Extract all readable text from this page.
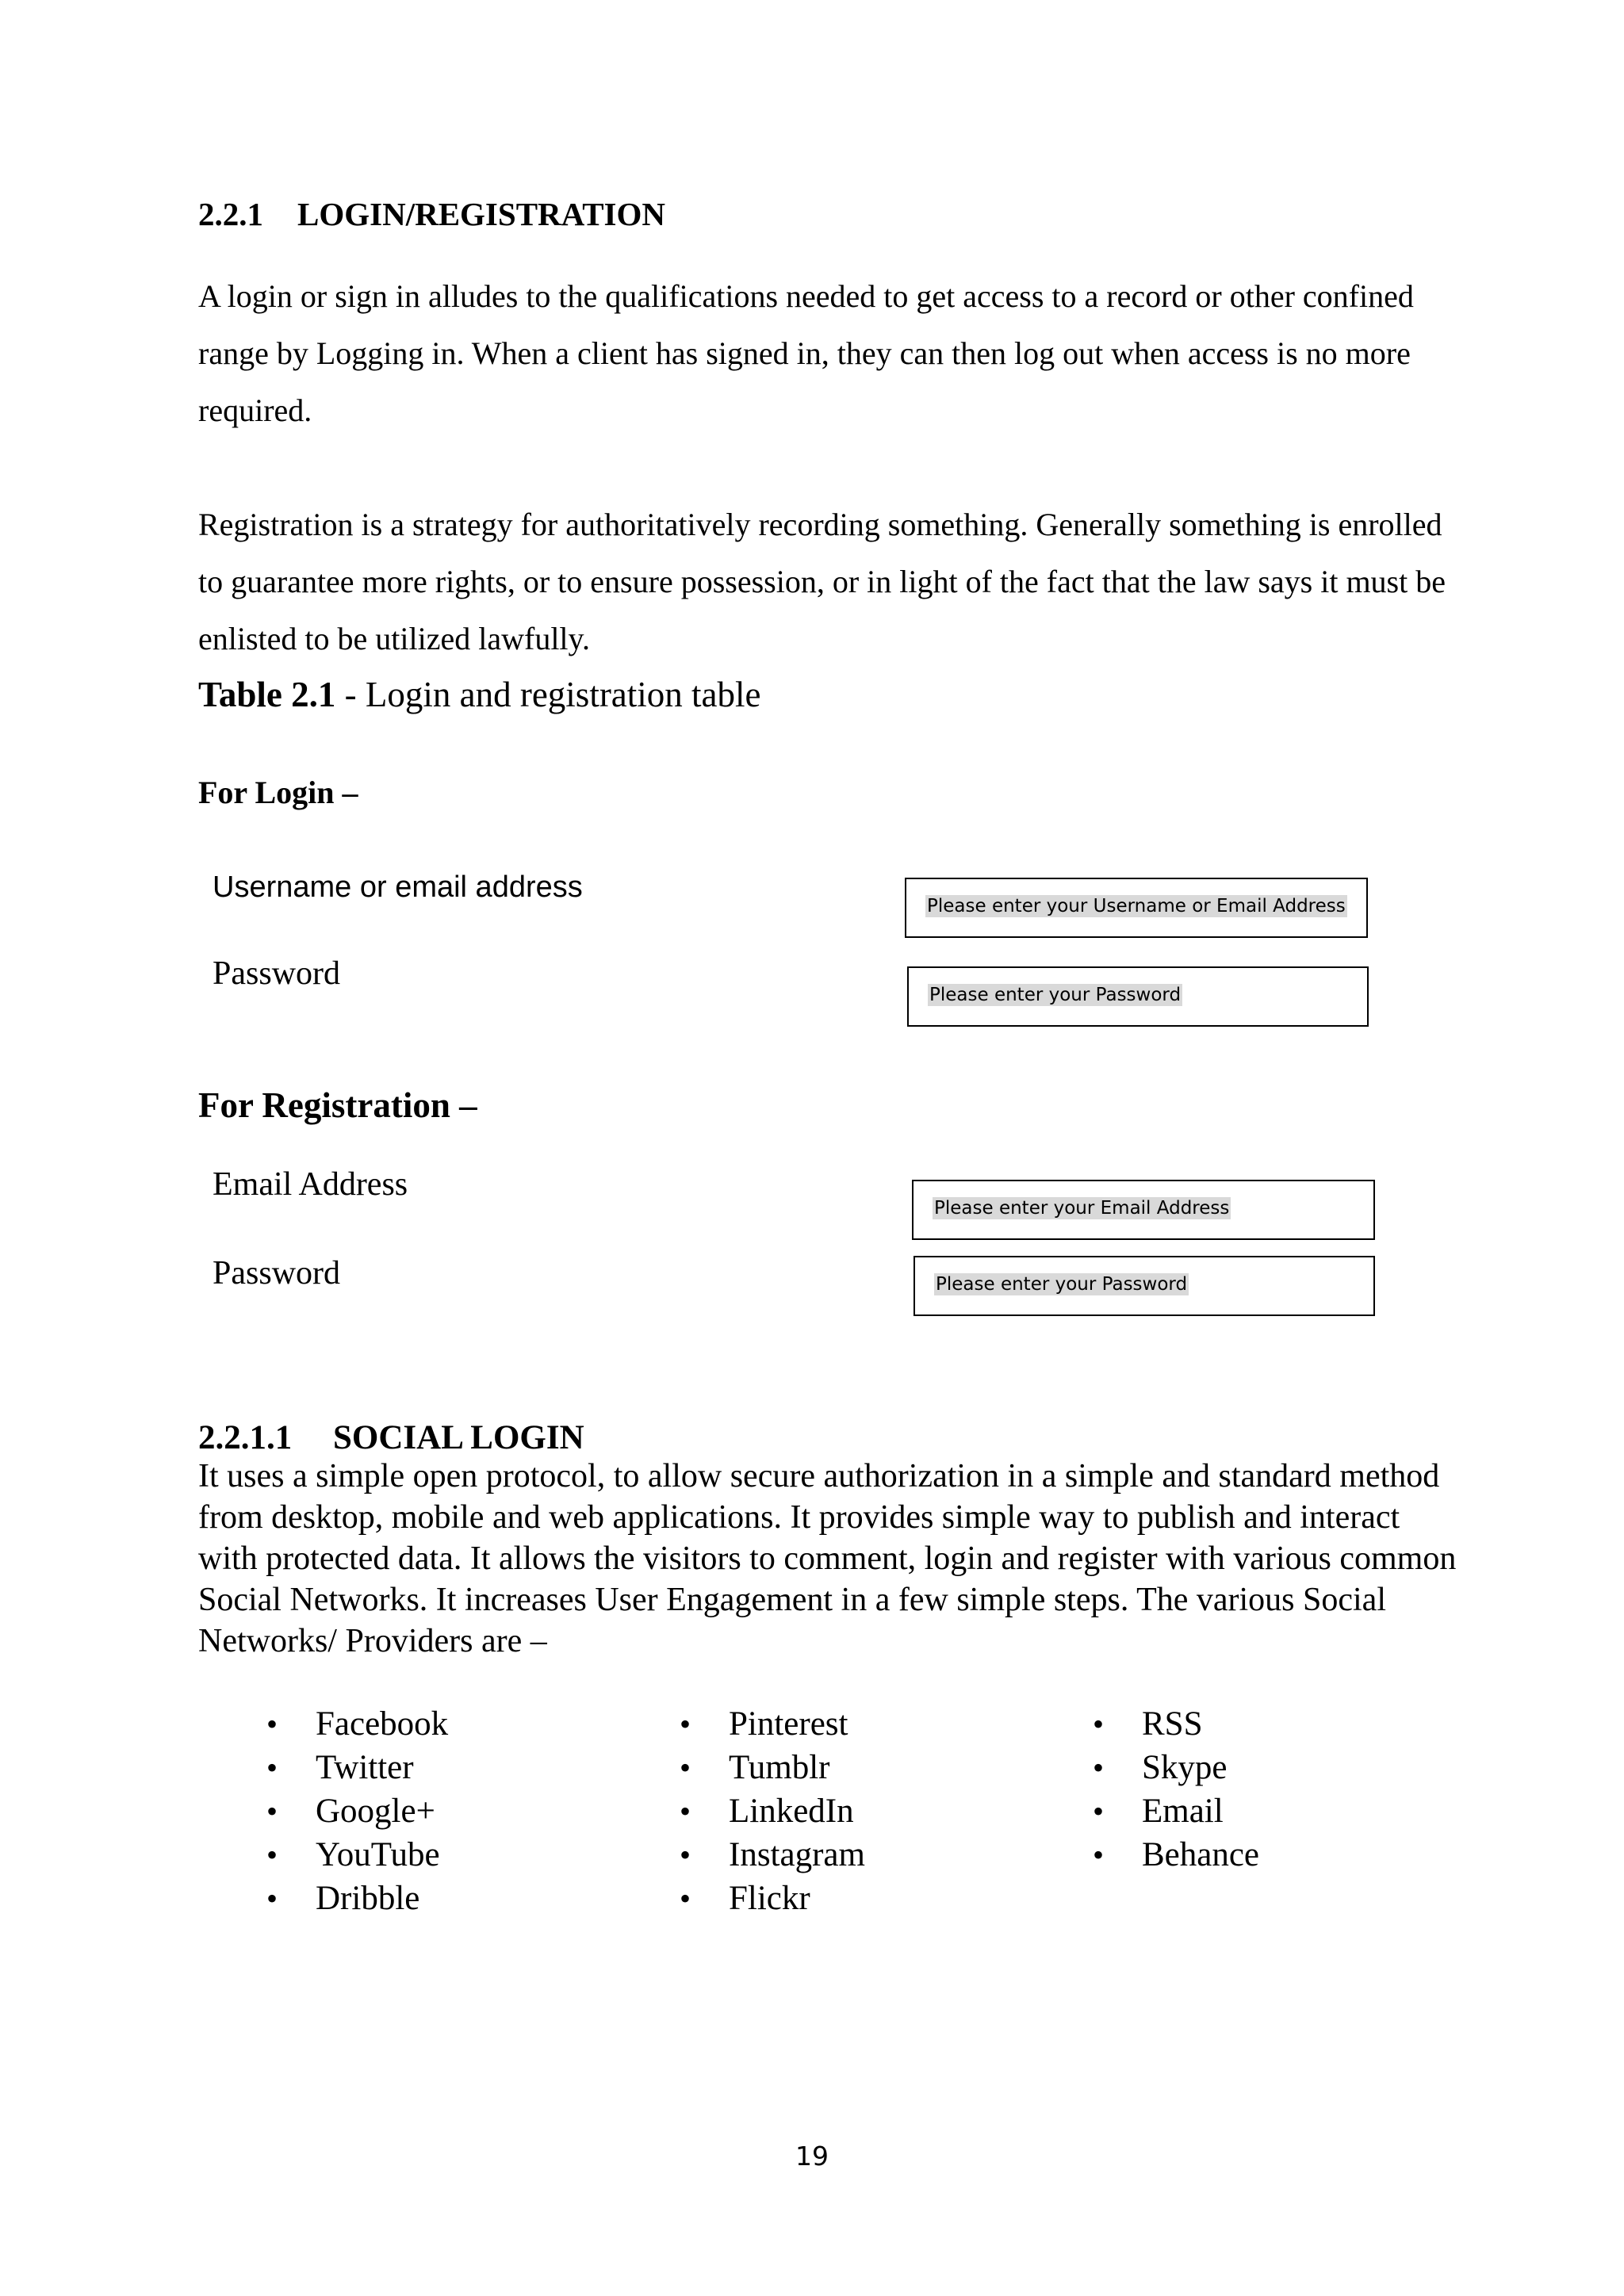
2.2.1 LOGIN/REGISTRATION
A login or sign in alludes to the qualifications needed to get access to a record or other confined range by Logging in. When a client has signed in, they can then log out when access is no more required.
Registration is a strategy for authoritatively recording something. Generally something is enrolled to guarantee more rights, or to ensure possession, or in light of the fact that the law says it must be enlisted to be utilized lawfully.
Table 2.1 - Login and registration table
For Login –
Username or email address
Please enter your Username or Email Address
Password
Please enter your Password
For Registration –
Email Address
Please enter your Email Address
Password	Please enter your Password
2.2.1.1 SOCIAL LOGIN
It uses a simple open protocol, to allow secure authorization in a simple and standard method from desktop, mobile and web applications. It provides simple way to publish and interact with protected data. It allows the visitors to comment, login and register with various common Social Networks. It increases User Engagement in a few simple steps. The various Social Networks/ Providers are –
• Facebook
• Twitter
• Google+
• YouTube
• Dribble
• Pinterest
• Tumblr
• LinkedIn
• Instagram
• Flickr
• RSS
• Skype
• Email
• Behance
19
